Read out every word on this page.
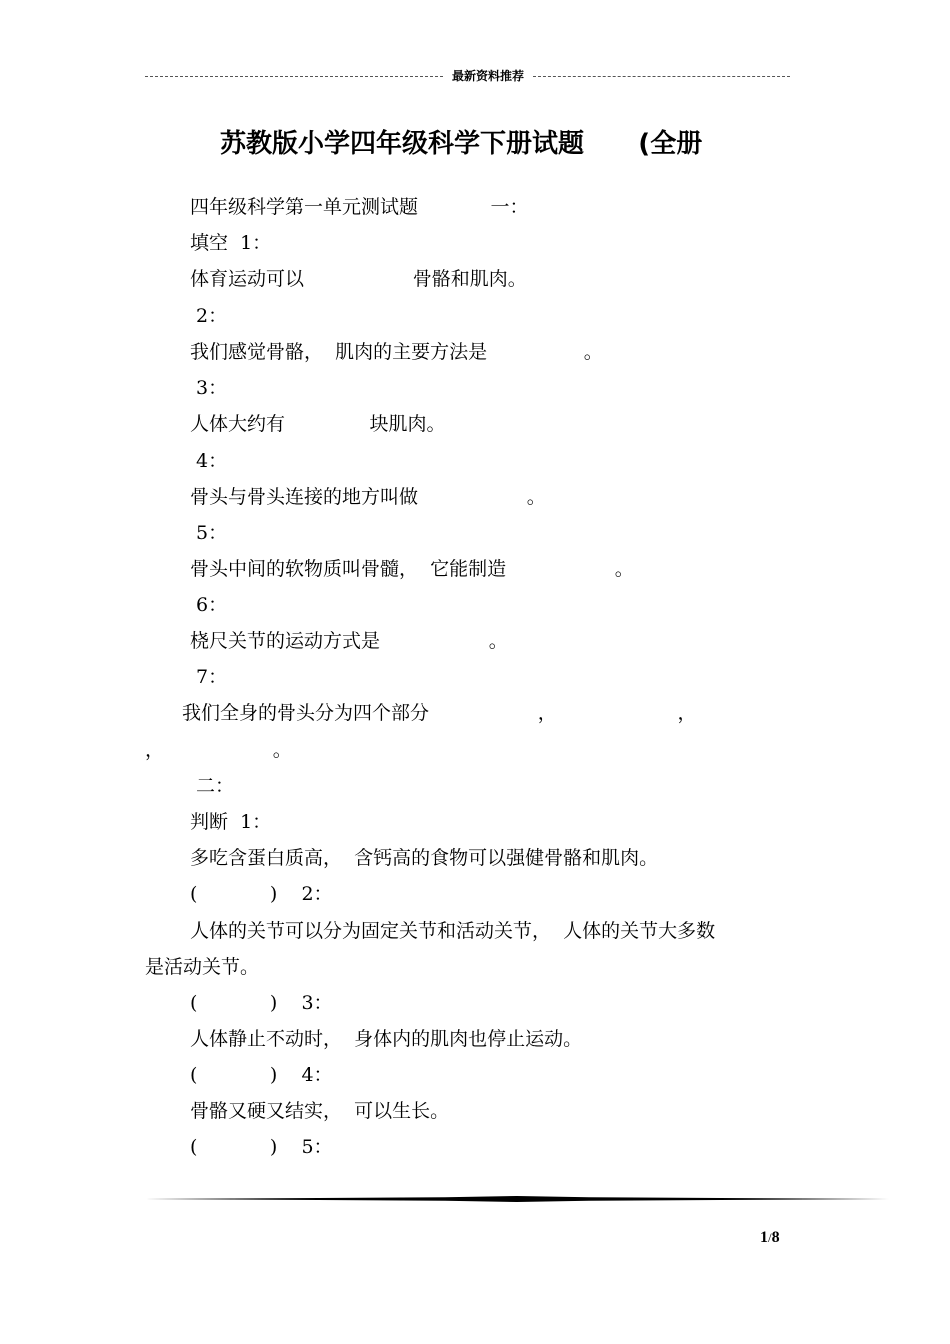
最新资料推荐
苏教版小学四年级科学下册试题      (全册
四年级科学第一单元测试题            一：
填空  1：
体育运动可以                  骨骼和肌肉。
2：
我们感觉骨骼，  肌肉的主要方法是                。
3：
人体大约有              块肌肉。
4：
骨头与骨头连接的地方叫做                  。
5：
骨头中间的软物质叫骨髓，  它能制造                  。
6：
桡尺关节的运动方式是                  。
7：
我们全身的骨头分为四个部分                  ，                    ，
，                  。
二：
判断  1：
多吃含蛋白质高，  含钙高的食物可以强健骨骼和肌肉。
(            )    2：
人体的关节可以分为固定关节和活动关节，  人体的关节大多数
是活动关节。
(            )    3：
人体静止不动时，  身体内的肌肉也停止运动。
(            )    4：
骨骼又硬又结实，  可以生长。
(            )    5：
1/8
